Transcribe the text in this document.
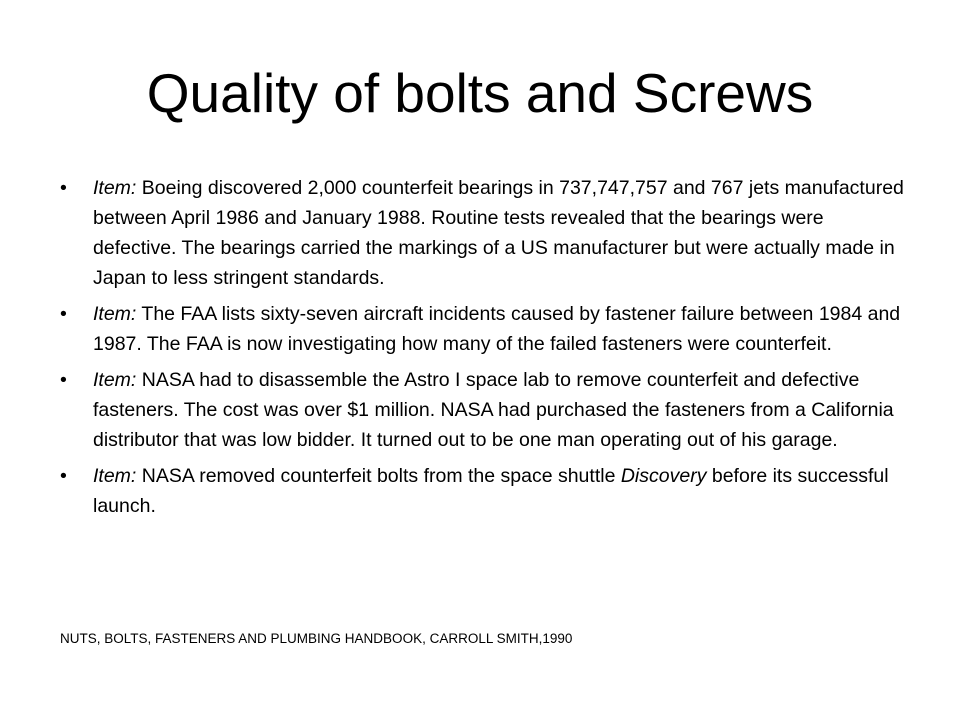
Quality of bolts and Screws
• Item: Boeing discovered 2,000 counterfeit bearings in 737,747,757 and 767 jets manufactured between April 1986 and January 1988. Routine tests revealed that the bearings were defective. The bearings carried the markings of a US manufacturer but were actually made in Japan to less stringent standards.
• Item: The FAA lists sixty-seven aircraft incidents caused by fastener failure between 1984 and 1987. The FAA is now investigating how many of the failed fasteners were counterfeit.
• Item: NASA had to disassemble the Astro I space lab to remove counterfeit and defective fasteners. The cost was over $1 million. NASA had purchased the fasteners from a California distributor that was low bidder. It turned out to be one man operating out of his garage.
• Item: NASA removed counterfeit bolts from the space shuttle Discovery before its successful launch.
NUTS, BOLTS, FASTENERS AND PLUMBING HANDBOOK, CARROLL SMITH,1990
